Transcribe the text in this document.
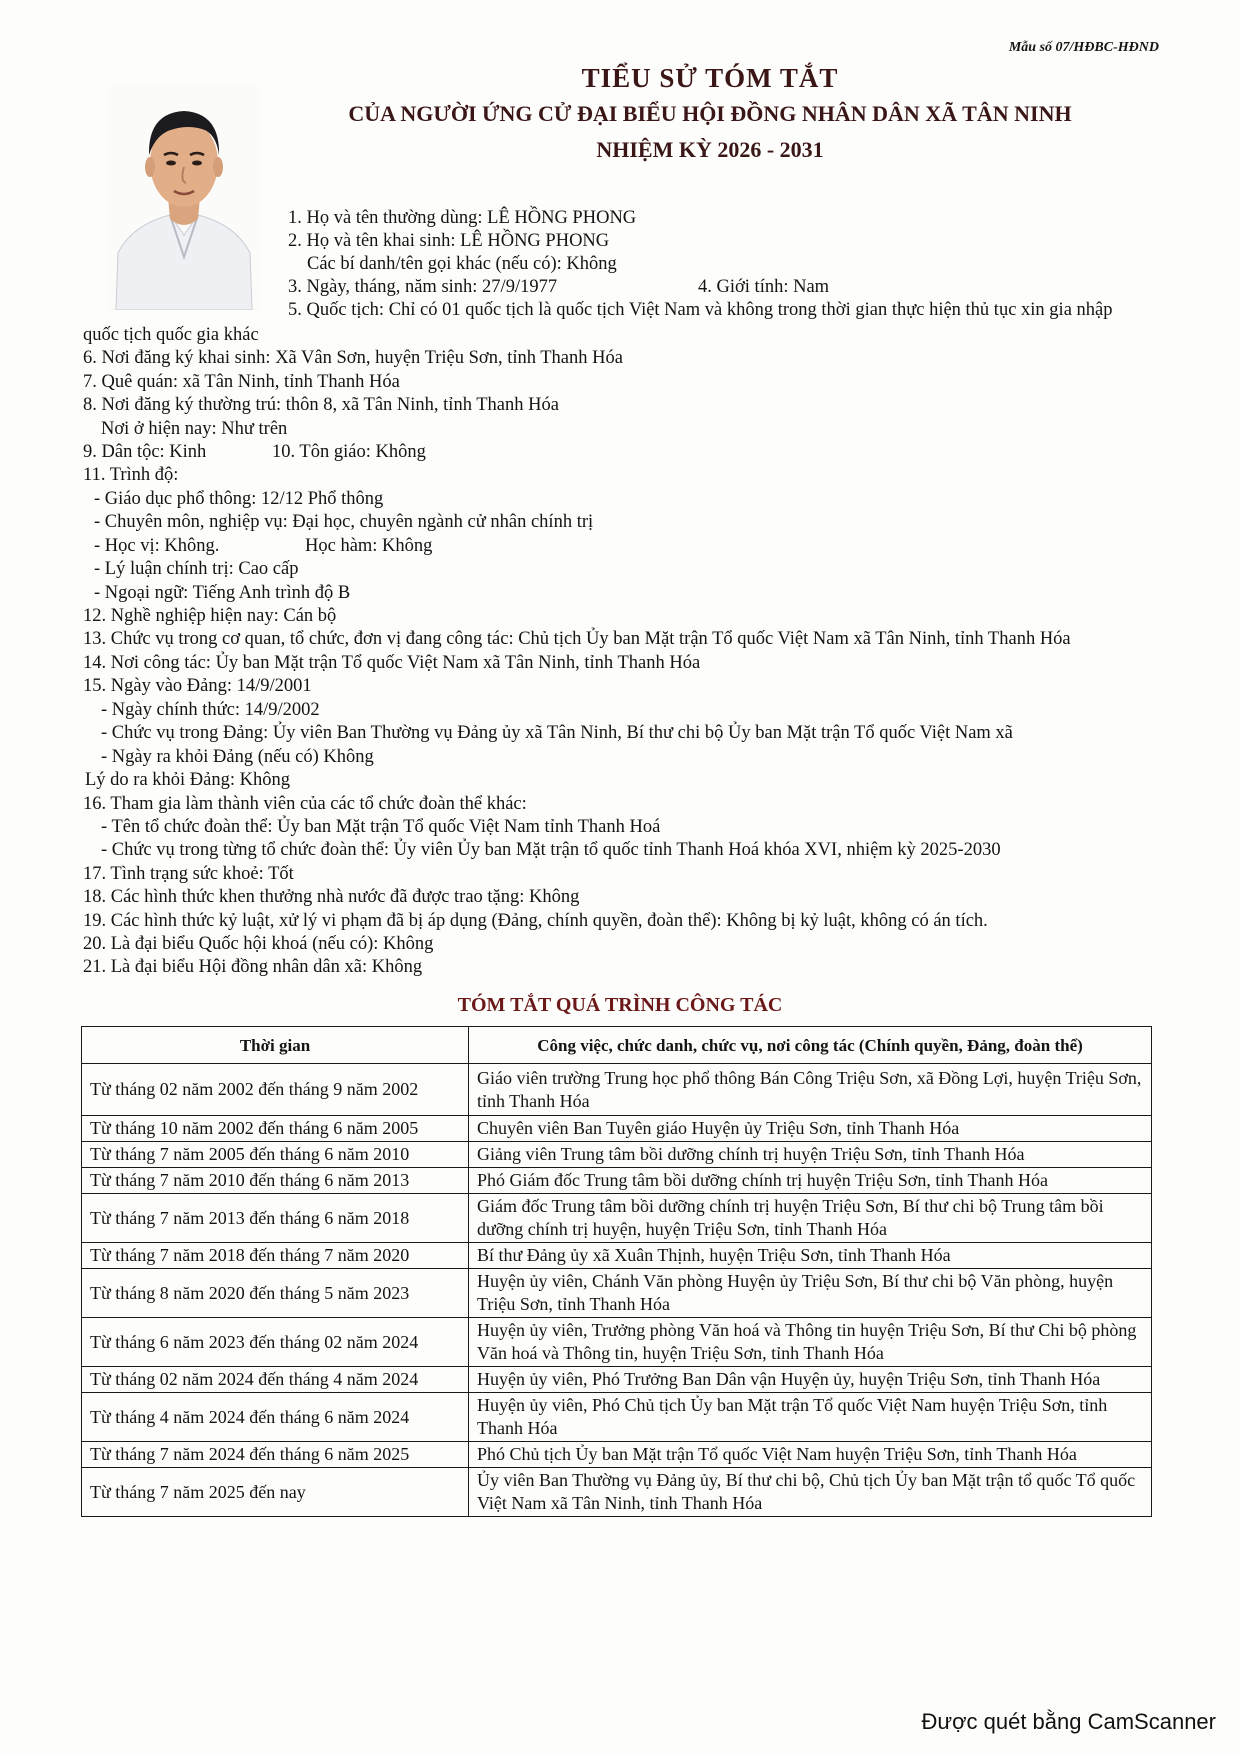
Mẫu số 07/HĐBC-HĐND
TIỂU SỬ TÓM TẮT
CỦA NGƯỜI ỨNG CỬ ĐẠI BIỂU HỘI ĐỒNG NHÂN DÂN XÃ TÂN NINH
NHIỆM KỲ 2026 - 2031
1. Họ và tên thường dùng: LÊ HỒNG PHONG
2. Họ và tên khai sinh: LÊ HỒNG PHONG
Các bí danh/tên gọi khác (nếu có): Không
3. Ngày, tháng, năm sinh: 27/9/1977	4. Giới tính: Nam
5. Quốc tịch: Chỉ có 01 quốc tịch là quốc tịch Việt Nam và không trong thời gian thực hiện thủ tục xin gia nhập
quốc tịch quốc gia khác
6. Nơi đăng ký khai sinh: Xã Vân Sơn, huyện Triệu Sơn, tỉnh Thanh Hóa
7. Quê quán: xã Tân Ninh, tỉnh Thanh Hóa
8. Nơi đăng ký thường trú: thôn 8, xã Tân Ninh, tỉnh Thanh Hóa
Nơi ở hiện nay: Như trên
9. Dân tộc: Kinh	10. Tôn giáo: Không
11. Trình độ:
- Giáo dục phổ thông: 12/12 Phổ thông
- Chuyên môn, nghiệp vụ: Đại học, chuyên ngành cử nhân chính trị
- Học vị: Không.	Học hàm: Không
- Lý luận chính trị: Cao cấp
- Ngoại ngữ: Tiếng Anh trình độ B
12. Nghề nghiệp hiện nay: Cán bộ
13. Chức vụ trong cơ quan, tổ chức, đơn vị đang công tác: Chủ tịch Ủy ban Mặt trận Tổ quốc Việt Nam xã Tân Ninh, tỉnh Thanh Hóa
14. Nơi công tác: Ủy ban Mặt trận Tổ quốc Việt Nam xã Tân Ninh, tỉnh Thanh Hóa
15. Ngày vào Đảng: 14/9/2001
- Ngày chính thức: 14/9/2002
- Chức vụ trong Đảng: Ủy viên Ban Thường vụ Đảng ủy xã Tân Ninh, Bí thư chi bộ Ủy ban Mặt trận Tổ quốc Việt Nam xã
- Ngày ra khỏi Đảng (nếu có) Không
Lý do ra khỏi Đảng: Không
16. Tham gia làm thành viên của các tổ chức đoàn thể khác:
- Tên tổ chức đoàn thể: Ủy ban Mặt trận Tổ quốc Việt Nam tỉnh Thanh Hoá
- Chức vụ trong từng tổ chức đoàn thể: Ủy viên Ủy ban Mặt trận tổ quốc tỉnh Thanh Hoá khóa XVI, nhiệm kỳ 2025-2030
17. Tình trạng sức khoẻ: Tốt
18. Các hình thức khen thưởng nhà nước đã được trao tặng: Không
19. Các hình thức kỷ luật, xử lý vi phạm đã bị áp dụng (Đảng, chính quyền, đoàn thể): Không bị kỷ luật, không có án tích.
20. Là đại biểu Quốc hội khoá (nếu có): Không
21. Là đại biểu Hội đồng nhân dân xã: Không
TÓM TẮT QUÁ TRÌNH CÔNG TÁC
Thời gian	Công việc, chức danh, chức vụ, nơi công tác (Chính quyền, Đảng, đoàn thể)
Từ tháng 02 năm 2002 đến tháng 9 năm 2002	Giáo viên trường Trung học phổ thông Bán Công Triệu Sơn, xã Đồng Lợi, huyện Triệu Sơn, tỉnh Thanh Hóa
Từ tháng 10 năm 2002 đến tháng 6 năm 2005	Chuyên viên Ban Tuyên giáo Huyện ủy Triệu Sơn, tỉnh Thanh Hóa
Từ tháng 7 năm 2005 đến tháng 6 năm 2010	Giảng viên Trung tâm bồi dưỡng chính trị huyện Triệu Sơn, tỉnh Thanh Hóa
Từ tháng 7 năm 2010 đến tháng 6 năm 2013	Phó Giám đốc Trung tâm bồi dưỡng chính trị huyện Triệu Sơn, tỉnh Thanh Hóa
Từ tháng 7 năm 2013 đến tháng 6 năm 2018	Giám đốc Trung tâm bồi dưỡng chính trị huyện Triệu Sơn, Bí thư chi bộ Trung tâm bồi dưỡng chính trị huyện, huyện Triệu Sơn, tỉnh Thanh Hóa
Từ tháng 7 năm 2018 đến tháng 7 năm 2020	Bí thư Đảng ủy xã Xuân Thịnh, huyện Triệu Sơn, tỉnh Thanh Hóa
Từ tháng 8 năm 2020 đến tháng 5 năm 2023	Huyện ủy viên, Chánh Văn phòng Huyện ủy Triệu Sơn, Bí thư chi bộ Văn phòng, huyện Triệu Sơn, tỉnh Thanh Hóa
Từ tháng 6 năm 2023 đến tháng 02 năm 2024	Huyện ủy viên, Trưởng phòng Văn hoá và Thông tin huyện Triệu Sơn, Bí thư Chi bộ phòng Văn hoá và Thông tin, huyện Triệu Sơn, tỉnh Thanh Hóa
Từ tháng 02 năm 2024 đến tháng 4 năm 2024	Huyện ủy viên, Phó Trưởng Ban Dân vận Huyện ủy, huyện Triệu Sơn, tỉnh Thanh Hóa
Từ tháng 4 năm 2024 đến tháng 6 năm 2024	Huyện ủy viên, Phó Chủ tịch Ủy ban Mặt trận Tổ quốc Việt Nam huyện Triệu Sơn, tỉnh Thanh Hóa
Từ tháng 7 năm 2024 đến tháng 6 năm 2025	Phó Chủ tịch Ủy ban Mặt trận Tổ quốc Việt Nam huyện Triệu Sơn, tỉnh Thanh Hóa
Từ tháng 7 năm 2025 đến nay	Ủy viên Ban Thường vụ Đảng ủy, Bí thư chi bộ, Chủ tịch Ủy ban Mặt trận tổ quốc Tổ quốc Việt Nam xã Tân Ninh, tỉnh Thanh Hóa
Được quét bằng CamScanner
